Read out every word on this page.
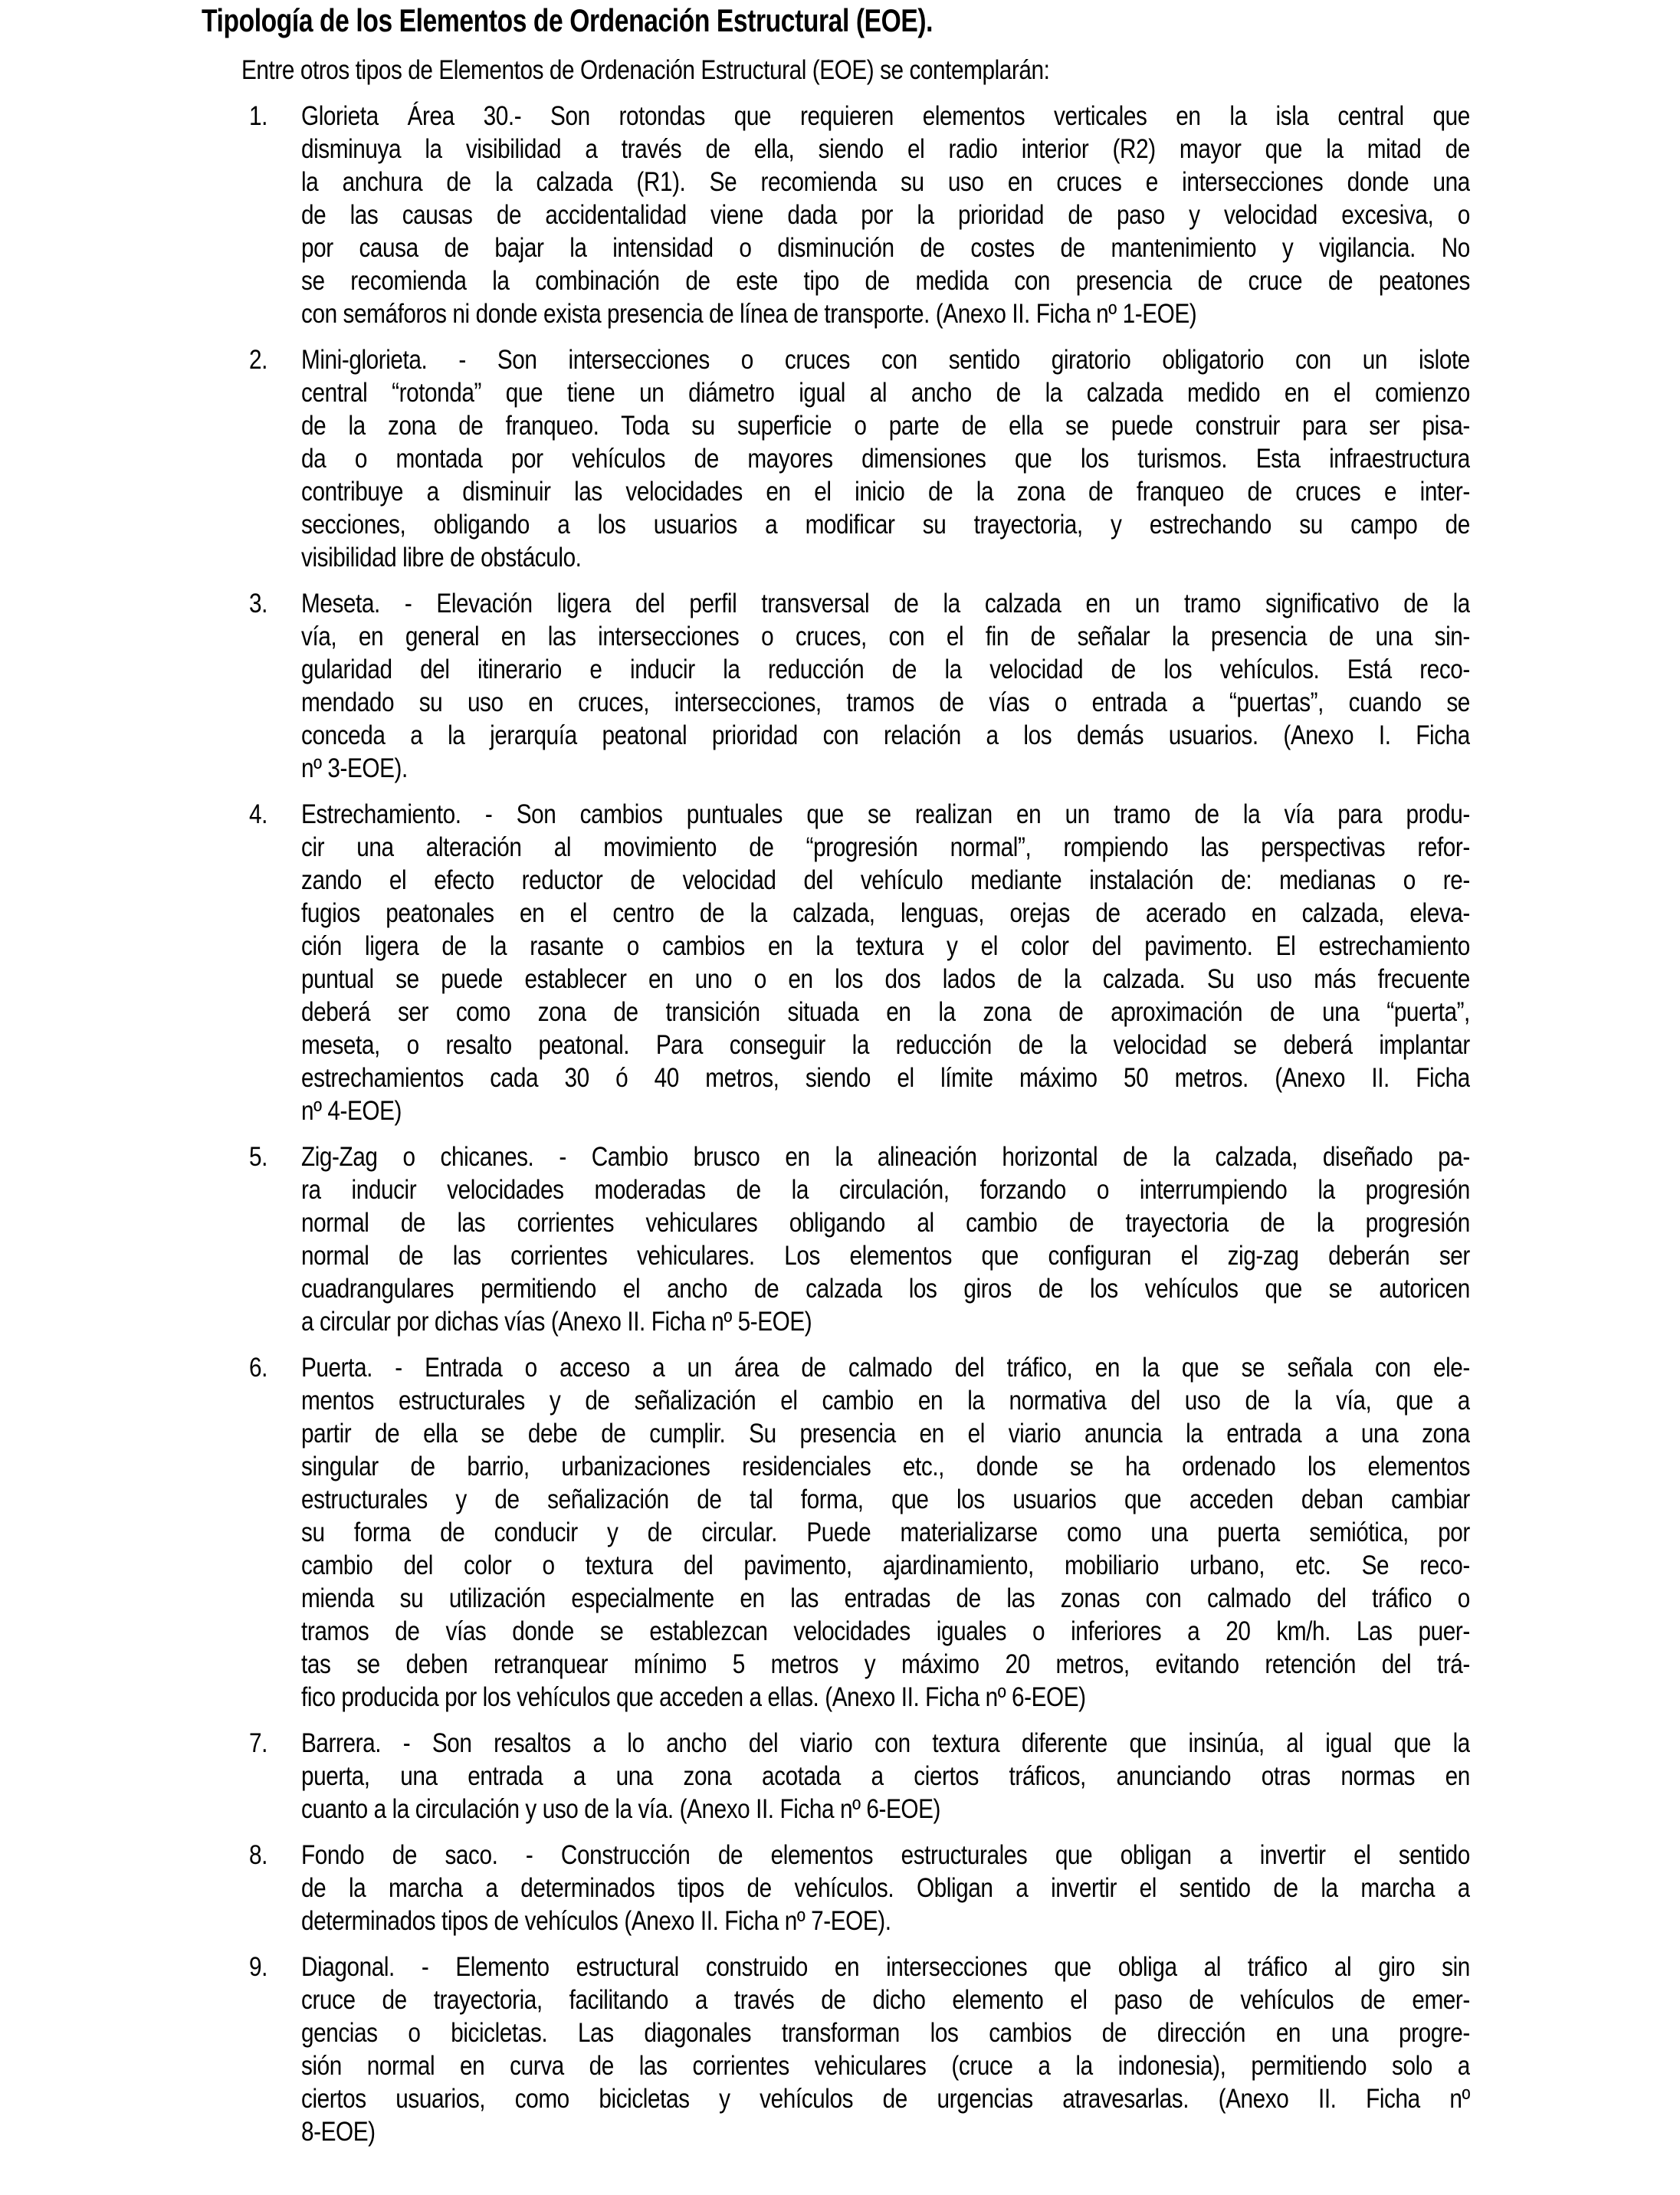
Tipología de los Elementos de Ordenación Estructural (EOE).
Entre otros tipos de Elementos de Ordenación Estructural (EOE) se contemplarán:
1.	Glorieta Área 30.- Son rotondas que requieren elementos verticales en la isla central que
disminuya la visibilidad a través de ella, siendo el radio interior (R2) mayor que la mitad de
la anchura de la calzada (R1). Se recomienda su uso en cruces e intersecciones donde una
de las causas de accidentalidad viene dada por la prioridad de paso y velocidad excesiva, o
por causa de bajar la intensidad o disminución de costes de mantenimiento y vigilancia. No
se recomienda la combinación de este tipo de medida con presencia de cruce de peatones
con semáforos ni donde exista presencia de línea de transporte. (Anexo II. Ficha nº 1-EOE)
2.	Mini-glorieta. - Son intersecciones o cruces con sentido giratorio obligatorio con un islote
central “rotonda” que tiene un diámetro igual al ancho de la calzada medido en el comienzo
de la zona de franqueo. Toda su superficie o parte de ella se puede construir para ser pisa-
da o montada por vehículos de mayores dimensiones que los turismos. Esta infraestructura
contribuye a disminuir las velocidades en el inicio de la zona de franqueo de cruces e inter-
secciones, obligando a los usuarios a modificar su trayectoria, y estrechando su campo de
visibilidad libre de obstáculo.
3.	Meseta. - Elevación ligera del perfil transversal de la calzada en un tramo significativo de la
vía, en general en las intersecciones o cruces, con el fin de señalar la presencia de una sin-
gularidad del itinerario e inducir la reducción de la velocidad de los vehículos. Está reco-
mendado su uso en cruces, intersecciones, tramos de vías o entrada a “puertas”, cuando se
conceda a la jerarquía peatonal prioridad con relación a los demás usuarios. (Anexo I. Ficha
nº 3-EOE).
4.	Estrechamiento. - Son cambios puntuales que se realizan en un tramo de la vía para produ-
cir una alteración al movimiento de “progresión normal”, rompiendo las perspectivas refor-
zando el efecto reductor de velocidad del vehículo mediante instalación de: medianas o re-
fugios peatonales en el centro de la calzada, lenguas, orejas de acerado en calzada, eleva-
ción ligera de la rasante o cambios en la textura y el color del pavimento. El estrechamiento
puntual se puede establecer en uno o en los dos lados de la calzada. Su uso más frecuente
deberá ser como zona de transición situada en la zona de aproximación de una “puerta”,
meseta, o resalto peatonal. Para conseguir la reducción de la velocidad se deberá implantar
estrechamientos cada 30 ó 40 metros, siendo el límite máximo 50 metros. (Anexo II. Ficha
nº 4-EOE)
5.	Zig-Zag o chicanes. - Cambio brusco en la alineación horizontal de la calzada, diseñado pa-
ra inducir velocidades moderadas de la circulación, forzando o interrumpiendo la progresión
normal de las corrientes vehiculares obligando al cambio de trayectoria de la progresión
normal de las corrientes vehiculares. Los elementos que configuran el zig-zag deberán ser
cuadrangulares permitiendo el ancho de calzada los giros de los vehículos que se autoricen
a circular por dichas vías (Anexo II. Ficha nº 5-EOE)
6.	Puerta. - Entrada o acceso a un área de calmado del tráfico, en la que se señala con ele-
mentos estructurales y de señalización el cambio en la normativa del uso de la vía, que a
partir de ella se debe de cumplir. Su presencia en el viario anuncia la entrada a una zona
singular de barrio, urbanizaciones residenciales etc., donde se ha ordenado los elementos
estructurales y de señalización de tal forma, que los usuarios que acceden deban cambiar
su forma de conducir y de circular. Puede materializarse como una puerta semiótica, por
cambio del color o textura del pavimento, ajardinamiento, mobiliario urbano, etc. Se reco-
mienda su utilización especialmente en las entradas de las zonas con calmado del tráfico o
tramos de vías donde se establezcan velocidades iguales o inferiores a 20 km/h. Las puer-
tas se deben retranquear mínimo 5 metros y máximo 20 metros, evitando retención del trá-
fico producida por los vehículos que acceden a ellas. (Anexo II. Ficha nº 6-EOE)
7.	Barrera. - Son resaltos a lo ancho del viario con textura diferente que insinúa, al igual que la
puerta, una entrada a una zona acotada a ciertos tráficos, anunciando otras normas en
cuanto a la circulación y uso de la vía. (Anexo II. Ficha nº 6-EOE)
8.	Fondo de saco. - Construcción de elementos estructurales que obligan a invertir el sentido
de la marcha a determinados tipos de vehículos. Obligan a invertir el sentido de la marcha a
determinados tipos de vehículos (Anexo II. Ficha nº 7-EOE).
9.	Diagonal. - Elemento estructural construido en intersecciones que obliga al tráfico al giro sin
cruce de trayectoria, facilitando a través de dicho elemento el paso de vehículos de emer-
gencias o bicicletas. Las diagonales transforman los cambios de dirección en una progre-
sión normal en curva de las corrientes vehiculares (cruce a la indonesia), permitiendo solo a
ciertos usuarios, como bicicletas y vehículos de urgencias atravesarlas. (Anexo II. Ficha nº
8-EOE)
